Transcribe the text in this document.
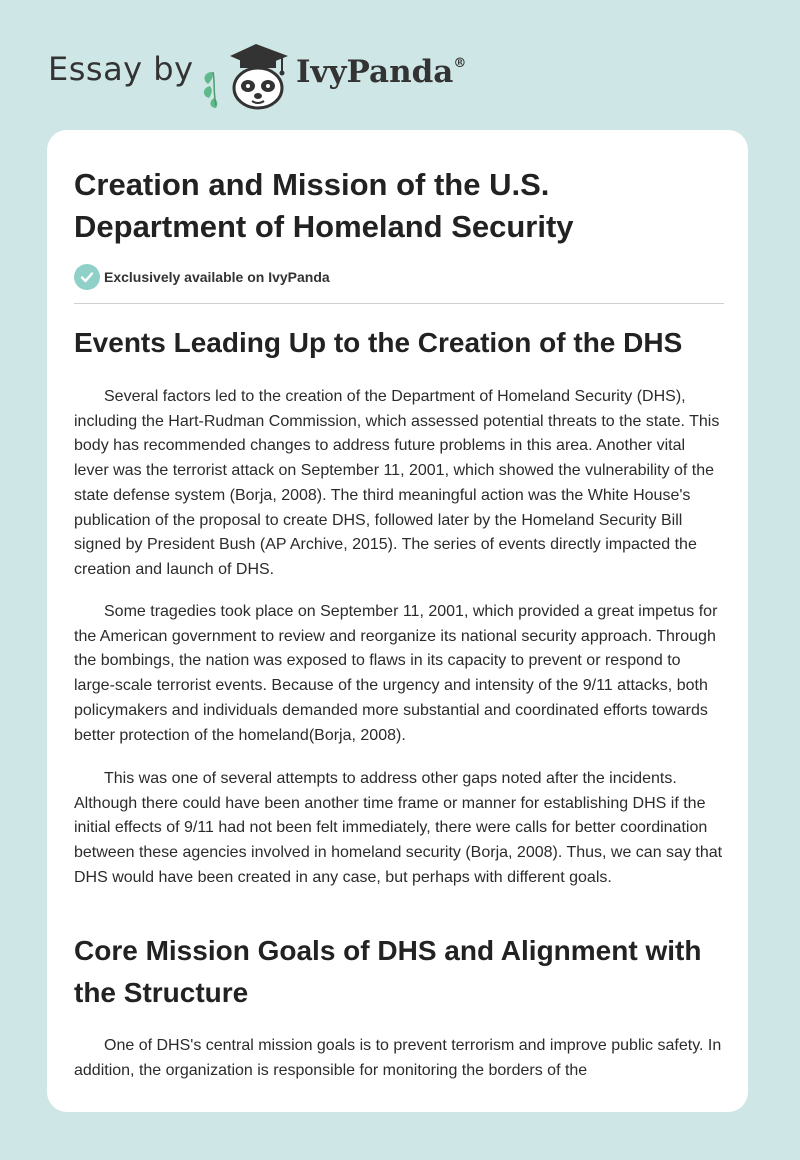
Essay by	IvyPanda®
Creation and Mission of the U.S. Department of Homeland Security
Exclusively available on IvyPanda
Events Leading Up to the Creation of the DHS

Several factors led to the creation of the Department of Homeland Security (DHS), including the Hart-Rudman Commission, which assessed potential threats to the state. This body has recommended changes to address future problems in this area. Another vital lever was the terrorist attack on September 11, 2001, which showed the vulnerability of the state defense system (Borja, 2008). The third meaningful action was the White House's publication of the proposal to create DHS, followed later by the Homeland Security Bill signed by President Bush (AP Archive, 2015). The series of events directly impacted the creation and launch of DHS.

Some tragedies took place on September 11, 2001, which provided a great impetus for the American government to review and reorganize its national security approach. Through the bombings, the nation was exposed to flaws in its capacity to prevent or respond to large-scale terrorist events. Because of the urgency and intensity of the 9/11 attacks, both policymakers and individuals demanded more substantial and coordinated efforts towards better protection of the homeland(Borja, 2008).

This was one of several attempts to address other gaps noted after the incidents. Although there could have been another time frame or manner for establishing DHS if the initial effects of 9/11 had not been felt immediately, there were calls for better coordination between these agencies involved in homeland security (Borja, 2008). Thus, we can say that DHS would have been created in any case, but perhaps with different goals.

Core Mission Goals of DHS and Alignment with the Structure

One of DHS's central mission goals is to prevent terrorism and improve public safety. In addition, the organization is responsible for monitoring the borders of the
